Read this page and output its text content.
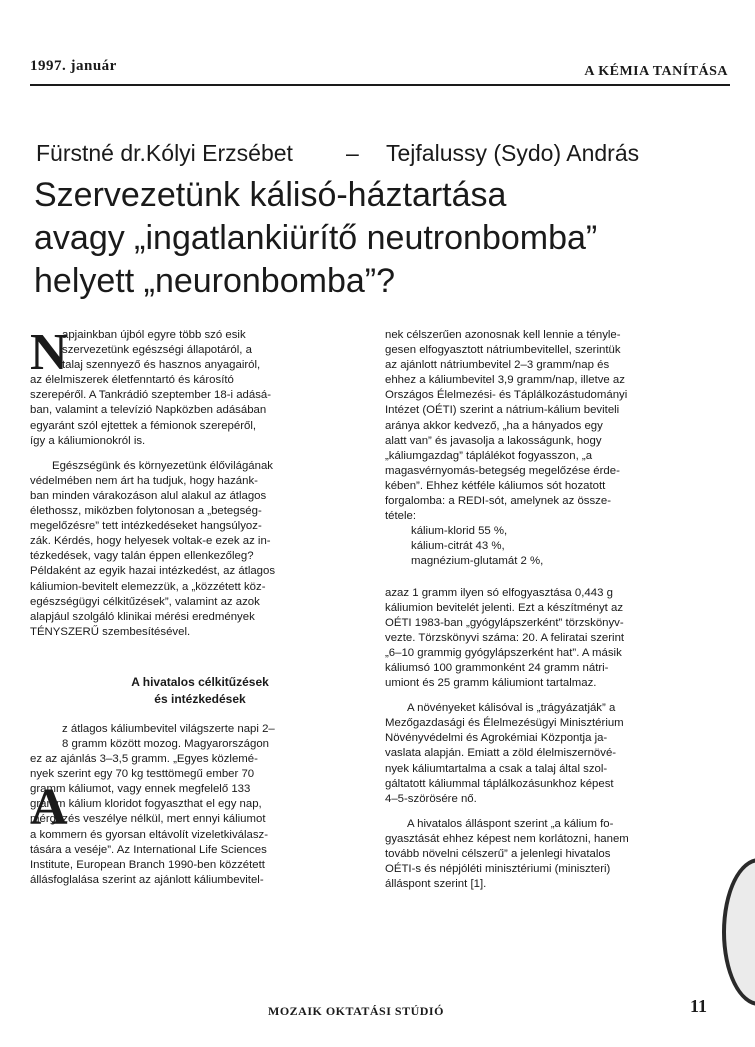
1997. január	A KÉMIA TANÍTÁSA
Fürstné dr.Kólyi Erzsébet – Tejfalussy (Sydo) András
Szervezetünk kálisó-háztartása
avagy „ingatlankiürítő neutronbomba”
helyett „neuronbomba”?
N
apjainkban újból egyre több szó esik
szervezetünk egészségi állapotáról, a
talaj szennyező és hasznos anyagairól,
az élelmiszerek életfenntartó és károsító
szerepéről. A Tankrádió szeptember 18-i adásá-
ban, valamint a televízió Napközben adásában
egyaránt szól ejtettek a fémionok szerepéről,
így a káliumionokról is.
Egészségünk és környezetünk élővilágának
védelmében nem árt ha tudjuk, hogy hazánk-
ban minden várakozáson alul alakul az átlagos
élethossz, miközben folytonosan a „betegség-
megelőzésre” tett intézkedéseket hangsúlyoz-
zák. Kérdés, hogy helyesek voltak-e ezek az in-
tézkedések, vagy talán éppen ellenkezőleg?
Példaként az egyik hazai intézkedést, az átlagos
káliumion-bevitelt elemezzük, a „közzétett köz-
egészségügyi célkitűzések”, valamint az azok
alapjául szolgáló klinikai mérési eredmények
TÉNYSZERŰ szembesítésével.
A hivatalos célkitűzések
és intézkedések
A
z átlagos káliumbevitel világszerte napi 2–
8 gramm között mozog. Magyarországon
ez az ajánlás 3–3,5 gramm. „Egyes közlemé-
nyek szerint egy 70 kg testtömegű ember 70
gramm káliumot, vagy ennek megfelelő 133
gramm kálium kloridot fogyaszthat el egy nap,
mérgezés veszélye nélkül, mert ennyi káliumot
a kommern és gyorsan eltávolít vizeletkiválasz-
tására a veséje”. Az International Life Sciences
Institute, European Branch 1990-ben közzétett
állásfoglalása szerint az ajánlott káliumbevitel-
nek célszerűen azonosnak kell lennie a tényle-
gesen elfogyasztott nátriumbevitellel, szerintük
az ajánlott nátriumbevitel 2–3 gramm/nap és
ehhez a káliumbevitel 3,9 gramm/nap, illetve az
Országos Élelmezési- és Táplálkozástudományi
Intézet (OÉTI) szerint a nátrium-kálium beviteli
aránya akkor kedvező, „ha a hányados egy
alatt van” és javasolja a lakosságunk, hogy
„káliumgazdag” táplálékot fogyasszon, „a
magasvérnyomás-betegség megelőzése érde-
kében”. Ehhez kétféle káliumos sót hozatott
forgalomba: a REDI-sót, amelynek az össze-
tétele:
kálium-klorid 55 %,
kálium-citrát 43 %,
magnézium-glutamát 2 %,
azaz 1 gramm ilyen só elfogyasztása 0,443 g
káliumion bevitelét jelenti. Ezt a készítményt az
OÉTI 1983-ban „gyógylápszerként” törzskönyv-
vezte. Törzskönyvi száma: 20. A feliratai szerint
„6–10 grammig gyógylápszerként hat”. A másik
káliumsó 100 grammonként 24 gramm nátri-
umiont és 25 gramm káliumiont tartalmaz.
A növényeket kálisóval is „trágyázatják” a
Mezőgazdasági és Élelmezésügyi Minisztérium
Növényvédelmi és Agrokémiai Központja ja-
vaslata alapján. Emiatt a zöld élelmiszernövé-
nyek káliumtartalma a csak a talaj által szol-
gáltatott káliummal táplálkozásunkhoz képest
4–5-szörösére nő.
A hivatalos álláspont szerint „a kálium fo-
gyasztását ehhez képest nem korlátozni, hanem
tovább növelni célszerű” a jelenlegi hivatalos
OÉTI-s és népjóléti minisztériumi (miniszteri)
álláspont szerint [1].
MOZAIK OKTATÁSI STÚDIÓ	11
